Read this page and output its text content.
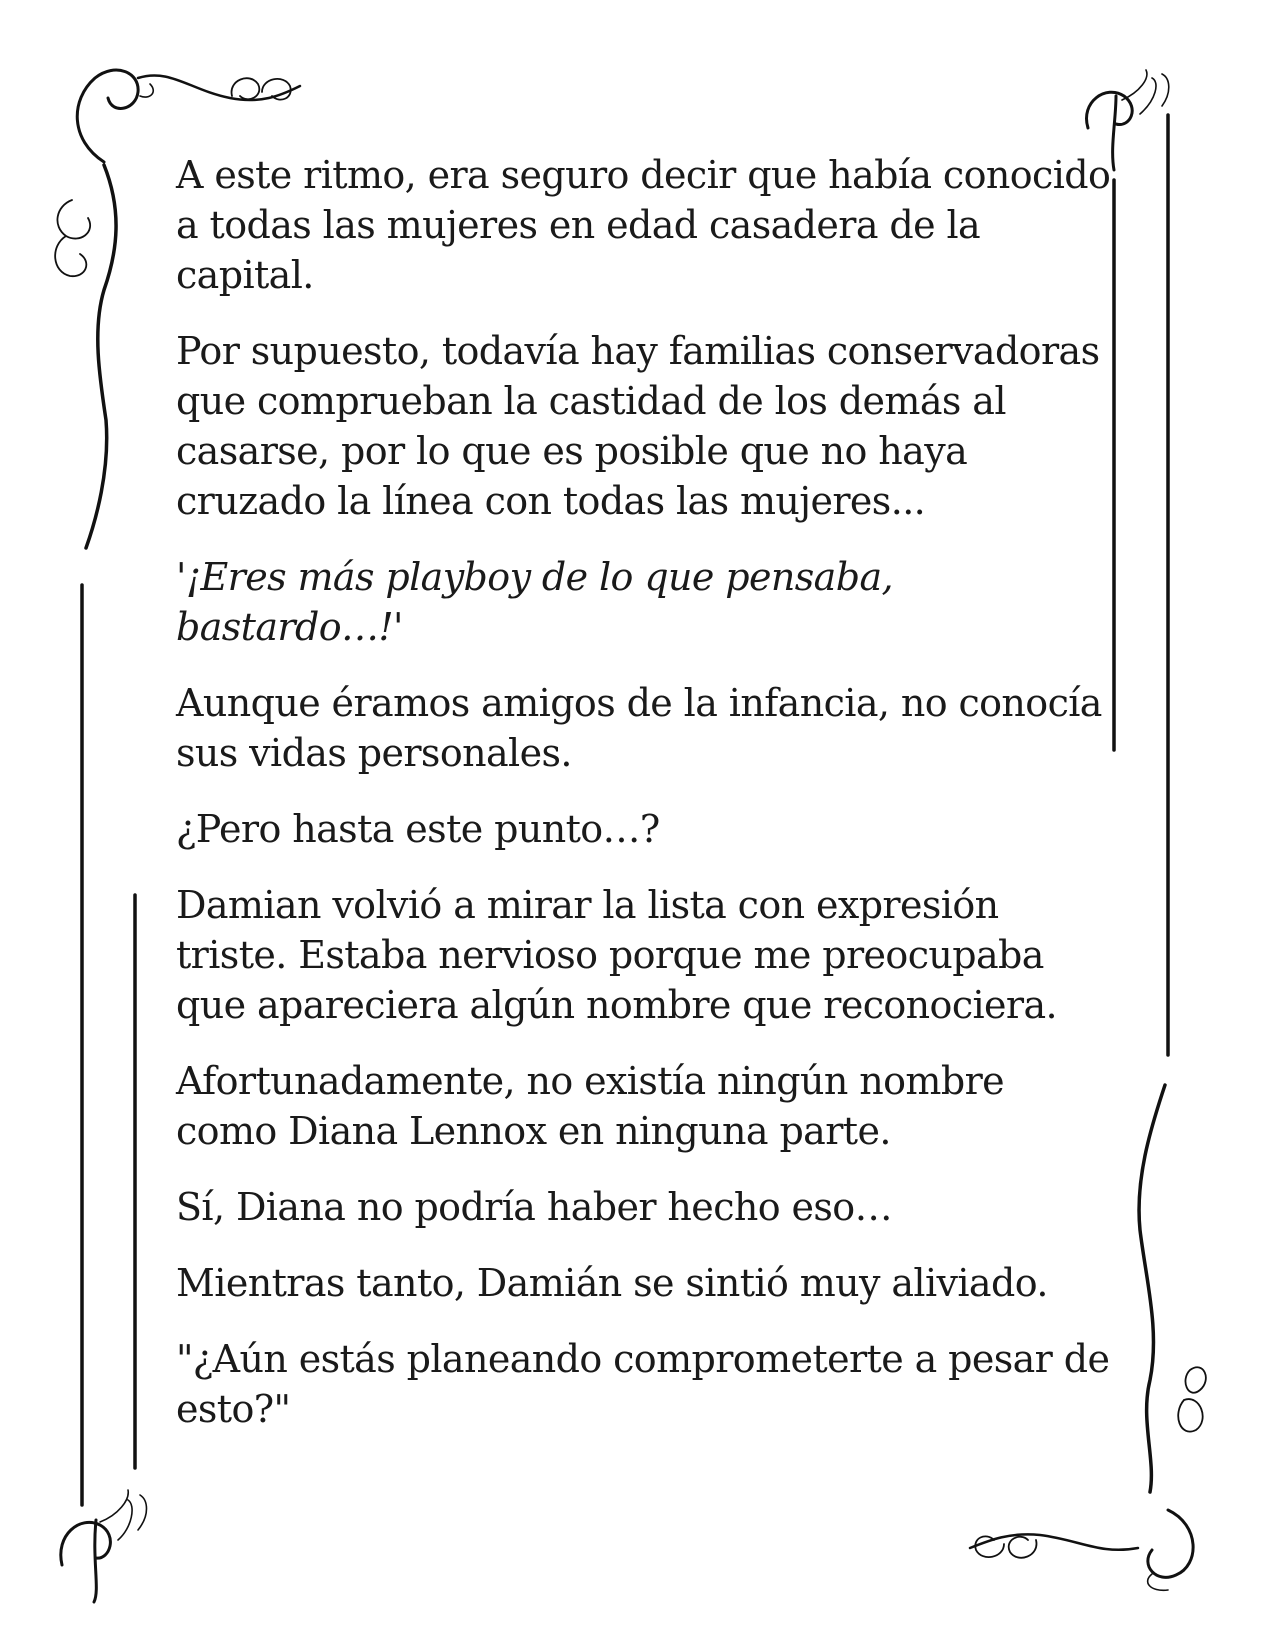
A este ritmo, era seguro decir que había conocido a todas las mujeres en edad casadera de la capital.

Por supuesto, todavía hay familias conservadoras que comprueban la castidad de los demás al casarse, por lo que es posible que no haya cruzado la línea con todas las mujeres...

'¡Eres más playboy de lo que pensaba, bastardo…!'

Aunque éramos amigos de la infancia, no conocía sus vidas personales.

¿Pero hasta este punto…?

Damian volvió a mirar la lista con expresión triste. Estaba nervioso porque me preocupaba que apareciera algún nombre que reconociera.

Afortunadamente, no existía ningún nombre como Diana Lennox en ninguna parte.

Sí, Diana no podría haber hecho eso…

Mientras tanto, Damián se sintió muy aliviado.

"¿Aún estás planeando comprometerte a pesar de esto?"
